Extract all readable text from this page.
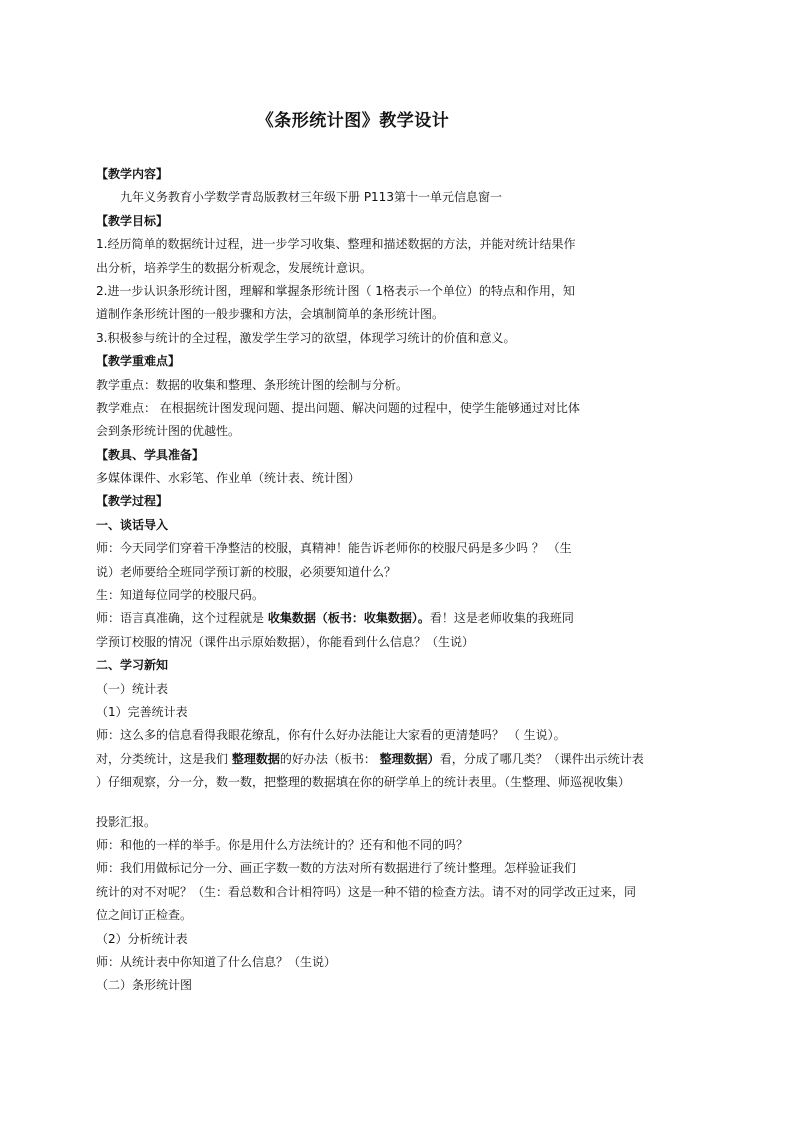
《条形统计图》教学设计
【教学内容】
九年义务教育小学数学青岛版教材三年级下册 P113第十一单元信息窗一
【教学目标】
1.经历简单的数据统计过程，进一步学习收集、整理和描述数据的方法，并能对统计结果作
出分析，培养学生的数据分析观念，发展统计意识。
2.进一步认识条形统计图，理解和掌握条形统计图（ 1格表示一个单位）的特点和作用，知
道制作条形统计图的一般步骤和方法，会填制简单的条形统计图。
3.积极参与统计的全过程，激发学生学习的欲望，体现学习统计的价值和意义。
【教学重难点】
教学重点：数据的收集和整理、条形统计图的绘制与分析。
教学难点： 在根据统计图发现问题、提出问题、解决问题的过程中，使学生能够通过对比体
会到条形统计图的优越性。
【教具、学具准备】
多媒体课件、水彩笔、作业单（统计表、统计图）
【教学过程】
一、谈话导入
师：今天同学们穿着干净整洁的校服，真精神！能告诉老师你的校服尺码是多少吗 ？ （生
说）老师要给全班同学预订新的校服，必须要知道什么？
生：知道每位同学的校服尺码。
师：语言真准确，这个过程就是 收集数据（板书：收集数据）。看！这是老师收集的我班同
学预订校服的情况（课件出示原始数据），你能看到什么信息？（生说）
二、学习新知
（一）统计表
（1）完善统计表
师：这么多的信息看得我眼花缭乱，你有什么好办法能让大家看的更清楚吗？ （ 生说）。
对，分类统计，这是我们 整理数据的好办法（板书： 整理数据）看，分成了哪几类？（课件出示统计表
）仔细观察，分一分，数一数，把整理的数据填在你的研学单上的统计表里。（生整理、师巡视收集）
投影汇报。
师：和他的一样的举手。你是用什么方法统计的？还有和他不同的吗？
师：我们用做标记分一分、画正字数一数的方法对所有数据进行了统计整理。怎样验证我们
统计的对不对呢？（生：看总数和合计相符吗）这是一种不错的检查方法。请不对的同学改正过来，同
位之间订正检查。
（2）分析统计表
师：从统计表中你知道了什么信息？（生说）
（二）条形统计图
